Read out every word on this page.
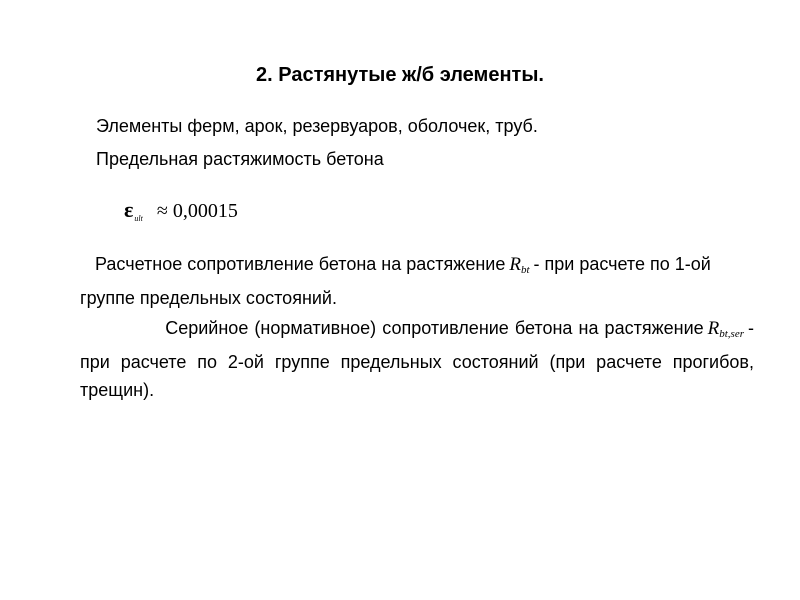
2. Растянутые ж/б элементы.
Элементы ферм, арок, резервуаров, оболочек, труб.
Предельная растяжимость бетона
$\varepsilon_{ult} \approx 0,00015$
Расчетное сопротивление бетона на растяжение $R_{bt}$ - при расчете по 1-ой группе предельных состояний.
Серийное (нормативное) сопротивление бетона на растяжение $R_{bt,ser}$ - при расчете по 2-ой группе предельных состояний (при расчете прогибов, трещин).
